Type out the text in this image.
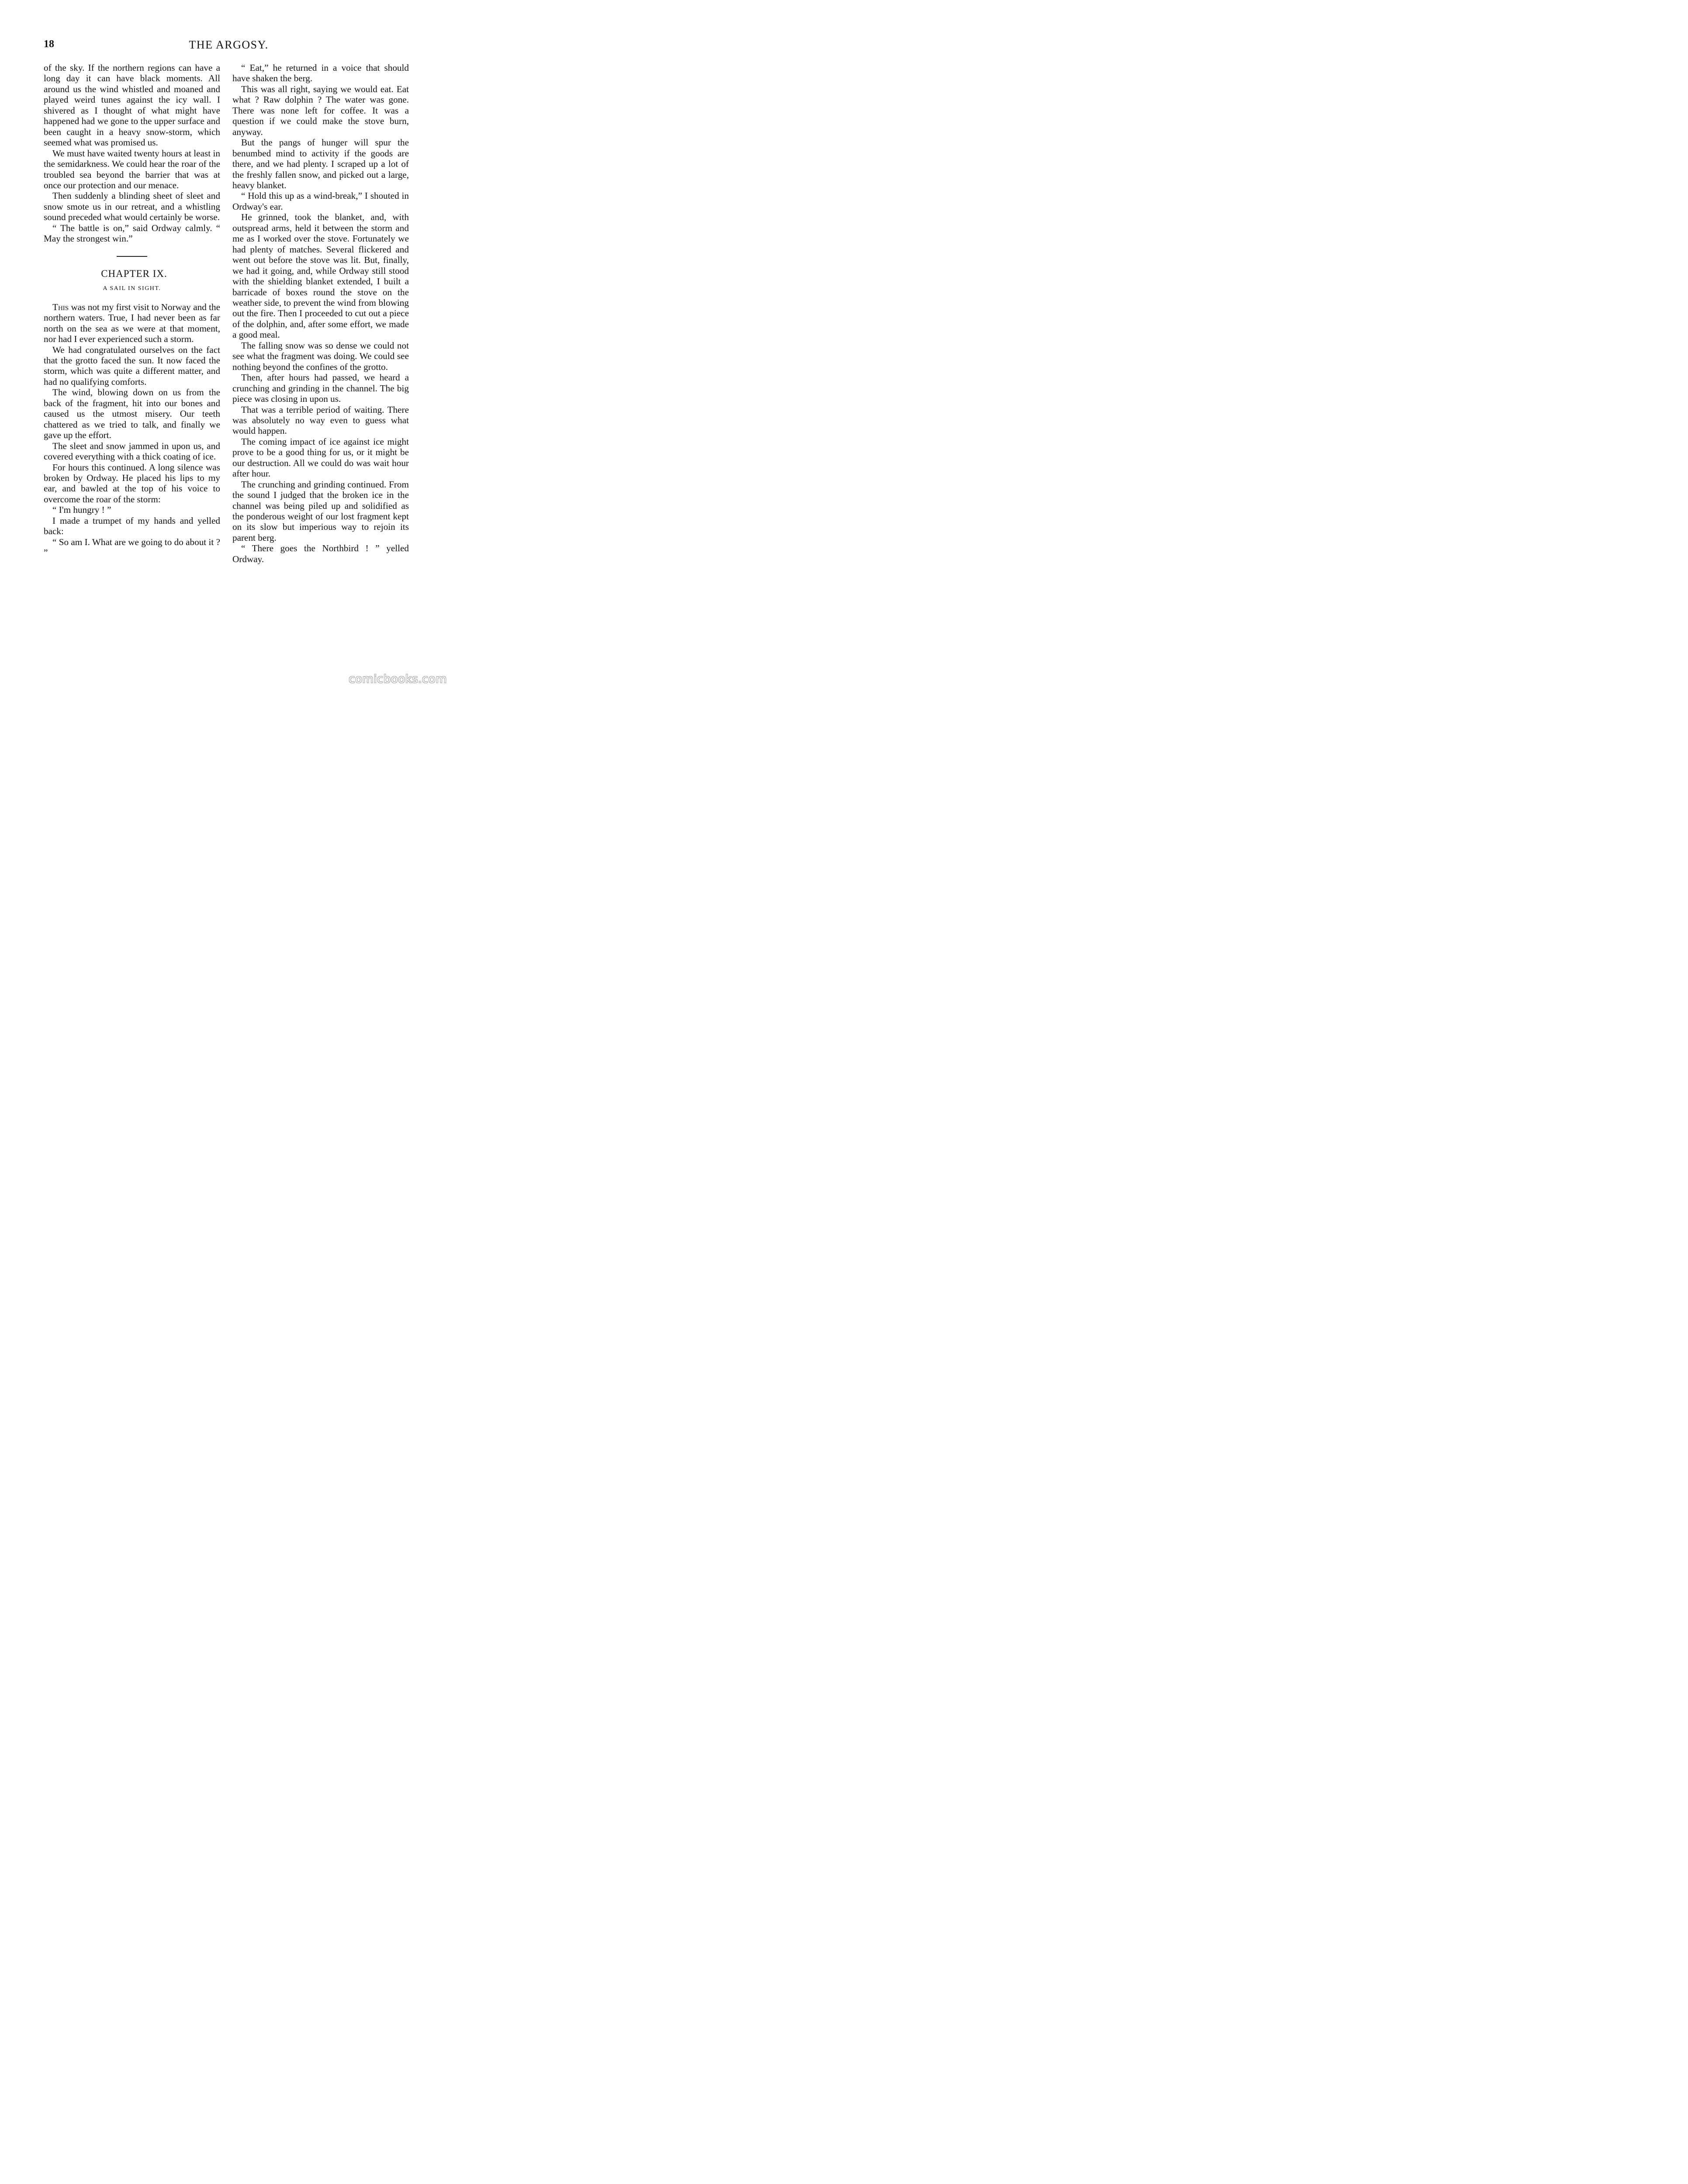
18	THE ARGOSY.

of the sky. If the northern regions can have a long day it can have black moments. All around us the wind whistled and moaned and played weird tunes against the icy wall. I shivered as I thought of what might have happened had we gone to the upper surface and been caught in a heavy snow-storm, which seemed what was promised us.

We must have waited twenty hours at least in the semidarkness. We could hear the roar of the troubled sea beyond the barrier that was at once our protection and our menace.

Then suddenly a blinding sheet of sleet and snow smote us in our retreat, and a whistling sound preceded what would certainly be worse.

“ The battle is on,” said Ordway calmly. “ May the strongest win.”

CHAPTER IX.
A SAIL IN SIGHT.

This was not my first visit to Norway and the northern waters. True, I had never been as far north on the sea as we were at that moment, nor had I ever experienced such a storm.

We had congratulated ourselves on the fact that the grotto faced the sun. It now faced the storm, which was quite a different matter, and had no qualifying comforts.

The wind, blowing down on us from the back of the fragment, hit into our bones and caused us the utmost misery. Our teeth chattered as we tried to talk, and finally we gave up the effort.

The sleet and snow jammed in upon us, and covered everything with a thick coating of ice.

For hours this continued. A long silence was broken by Ordway. He placed his lips to my ear, and bawled at the top of his voice to overcome the roar of the storm:

“ I'm hungry ! ”

I made a trumpet of my hands and yelled back:

“ So am I. What are we going to do about it ? ”

“ Eat,” he returned in a voice that should have shaken the berg.

This was all right, saying we would eat. Eat what ? Raw dolphin ? The water was gone. There was none left for coffee. It was a question if we could make the stove burn, anyway.

But the pangs of hunger will spur the benumbed mind to activity if the goods are there, and we had plenty. I scraped up a lot of the freshly fallen snow, and picked out a large, heavy blanket.

“ Hold this up as a wind-break,” I shouted in Ordway's ear.

He grinned, took the blanket, and, with outspread arms, held it between the storm and me as I worked over the stove. Fortunately we had plenty of matches. Several flickered and went out before the stove was lit. But, finally, we had it going, and, while Ordway still stood with the shielding blanket extended, I built a barricade of boxes round the stove on the weather side, to prevent the wind from blowing out the fire. Then I proceeded to cut out a piece of the dolphin, and, after some effort, we made a good meal.

The falling snow was so dense we could not see what the fragment was doing. We could see nothing beyond the confines of the grotto.

Then, after hours had passed, we heard a crunching and grinding in the channel. The big piece was closing in upon us.

That was a terrible period of waiting. There was absolutely no way even to guess what would happen.

The coming impact of ice against ice might prove to be a good thing for us, or it might be our destruction. All we could do was wait hour after hour.

The crunching and grinding continued. From the sound I judged that the broken ice in the channel was being piled up and solidified as the ponderous weight of our lost fragment kept on its slow but imperious way to rejoin its parent berg.

“ There goes the Northbird ! ” yelled Ordway.

comicbooks.com
